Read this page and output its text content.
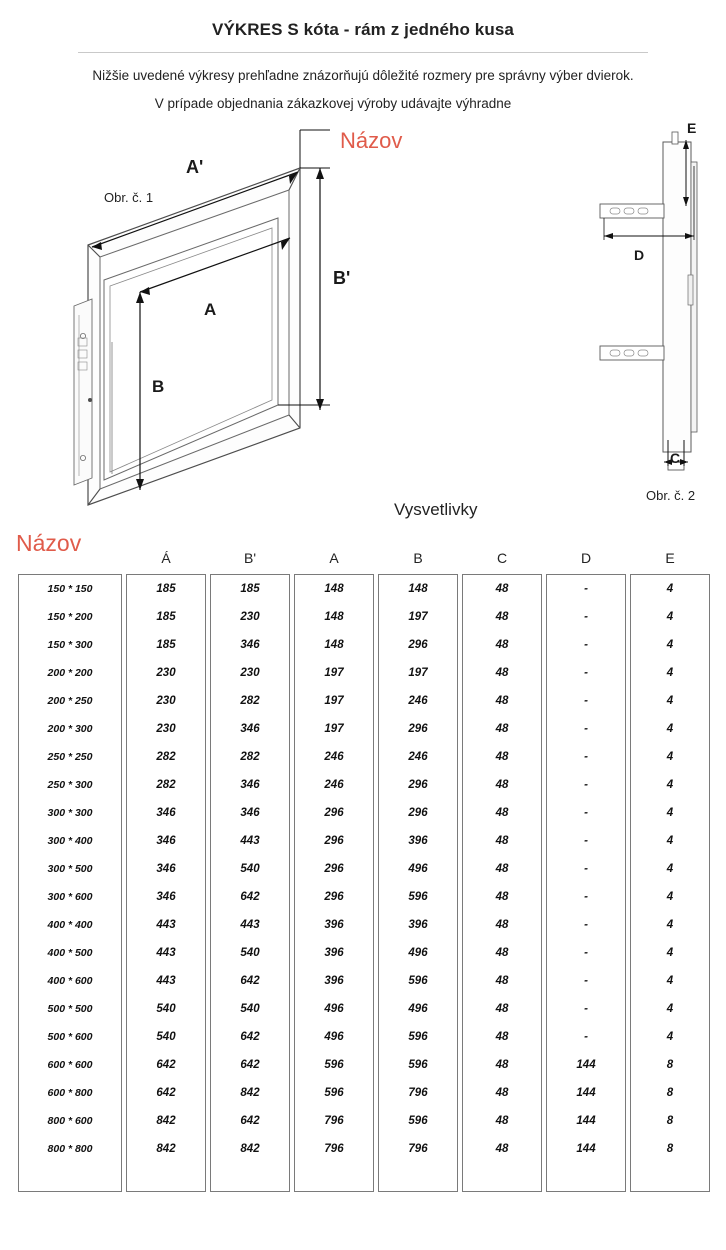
VÝKRES S kóta - rám z jedného kusa
Nižšie uvedené výkresy prehľadne znázorňujú dôležité rozmery pre správny výber dvierok.
V prípade objednania zákazkovej výroby udávajte výhradne
Názov
Obr. č. 1
Obr. č. 2
Vysvetlivky
A'
B'
A
B
E
D
C
Názov
	Á	B'	A	B	C	D	E
150 * 150	185	185	148	148	48	-	4
150 * 200	185	230	148	197	48	-	4
150 * 300	185	346	148	296	48	-	4
200 * 200	230	230	197	197	48	-	4
200 * 250	230	282	197	246	48	-	4
200 * 300	230	346	197	296	48	-	4
250 * 250	282	282	246	246	48	-	4
250 * 300	282	346	246	296	48	-	4
300 * 300	346	346	296	296	48	-	4
300 * 400	346	443	296	396	48	-	4
300 * 500	346	540	296	496	48	-	4
300 * 600	346	642	296	596	48	-	4
400 * 400	443	443	396	396	48	-	4
400 * 500	443	540	396	496	48	-	4
400 * 600	443	642	396	596	48	-	4
500 * 500	540	540	496	496	48	-	4
500 * 600	540	642	496	596	48	-	4
600 * 600	642	642	596	596	48	144	8
600 * 800	642	842	596	796	48	144	8
800 * 600	842	642	796	596	48	144	8
800 * 800	842	842	796	796	48	144	8
